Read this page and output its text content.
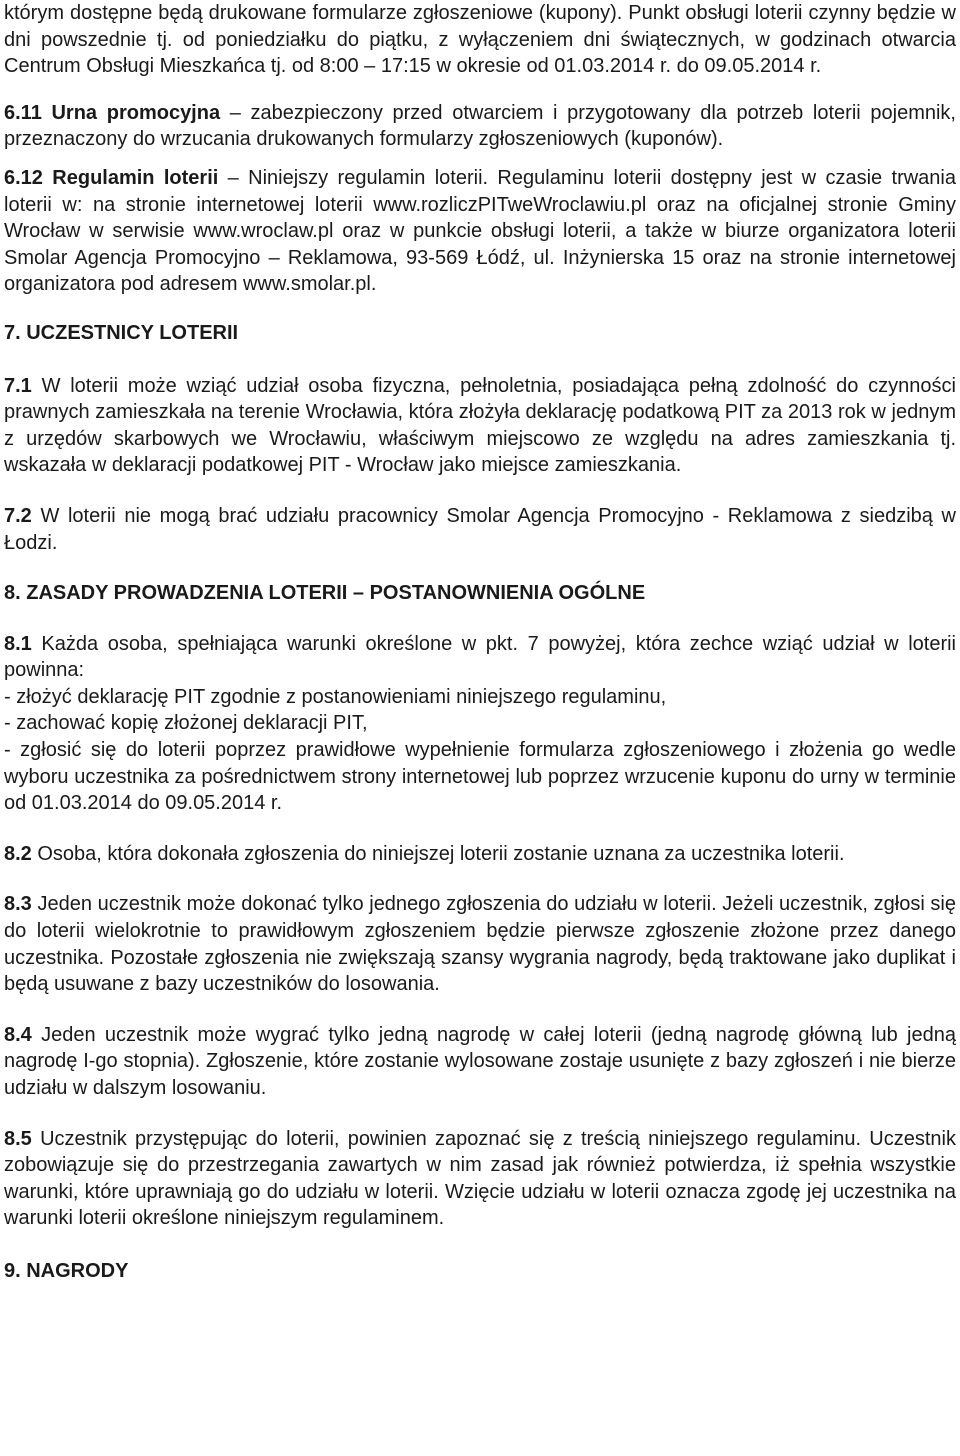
którym dostępne będą drukowane formularze zgłoszeniowe (kupony). Punkt obsługi loterii czynny będzie w dni powszednie tj. od poniedziałku do piątku, z wyłączeniem dni świątecznych, w godzinach otwarcia Centrum Obsługi Mieszkańca tj. od 8:00 – 17:15 w okresie od 01.03.2014 r. do 09.05.2014 r.

6.11 Urna promocyjna – zabezpieczony przed otwarciem i przygotowany dla potrzeb loterii pojemnik, przeznaczony do wrzucania drukowanych formularzy zgłoszeniowych (kuponów).

6.12 Regulamin loterii – Niniejszy regulamin loterii. Regulaminu loterii dostępny jest w czasie trwania loterii w: na stronie internetowej loterii www.rozliczPITweWroclawiu.pl oraz na oficjalnej stronie Gminy Wrocław w serwisie www.wroclaw.pl oraz w punkcie obsługi loterii, a także w biurze organizatora loterii Smolar Agencja Promocyjno – Reklamowa, 93-569 Łódź, ul. Inżynierska 15 oraz na stronie internetowej organizatora pod adresem www.smolar.pl.

7. UCZESTNICY LOTERII

7.1 W loterii może wziąć udział osoba fizyczna, pełnoletnia, posiadająca pełną zdolność do czynności prawnych zamieszkała na terenie Wrocławia, która złożyła deklarację podatkową PIT za 2013 rok w jednym z urzędów skarbowych we Wrocławiu, właściwym miejscowo ze względu na adres zamieszkania tj. wskazała w deklaracji podatkowej PIT - Wrocław jako miejsce zamieszkania.

7.2 W loterii nie mogą brać udziału pracownicy Smolar Agencja Promocyjno - Reklamowa z siedzibą w Łodzi.

8. ZASADY PROWADZENIA LOTERII – POSTANOWNIENIA OGÓLNE

8.1 Każda osoba, spełniająca warunki określone w pkt. 7 powyżej, która zechce wziąć udział w loterii powinna:

- złożyć deklarację PIT zgodnie z postanowieniami niniejszego regulaminu,

- zachować kopię złożonej deklaracji PIT,

- zgłosić się do loterii poprzez prawidłowe wypełnienie formularza zgłoszeniowego i złożenia go wedle wyboru uczestnika za pośrednictwem strony internetowej lub poprzez wrzucenie kuponu do urny w terminie od 01.03.2014 do 09.05.2014 r.

8.2 Osoba, która dokonała zgłoszenia do niniejszej loterii zostanie uznana za uczestnika loterii.

8.3 Jeden uczestnik może dokonać tylko jednego zgłoszenia do udziału w loterii. Jeżeli uczestnik, zgłosi się do loterii wielokrotnie to prawidłowym zgłoszeniem będzie pierwsze zgłoszenie złożone przez danego uczestnika. Pozostałe zgłoszenia nie zwiększają szansy wygrania nagrody, będą traktowane jako duplikat i będą usuwane z bazy uczestników do losowania.

8.4 Jeden uczestnik może wygrać tylko jedną nagrodę w całej loterii (jedną nagrodę główną lub jedną nagrodę I-go stopnia). Zgłoszenie, które zostanie wylosowane zostaje usunięte z bazy zgłoszeń i nie bierze udziału w dalszym losowaniu.

8.5 Uczestnik przystępując do loterii, powinien zapoznać się z treścią niniejszego regulaminu. Uczestnik zobowiązuje się do przestrzegania zawartych w nim zasad jak również potwierdza, iż spełnia wszystkie warunki, które uprawniają go do udziału w loterii. Wzięcie udziału w loterii oznacza zgodę jej uczestnika na warunki loterii określone niniejszym regulaminem.

9. NAGRODY
